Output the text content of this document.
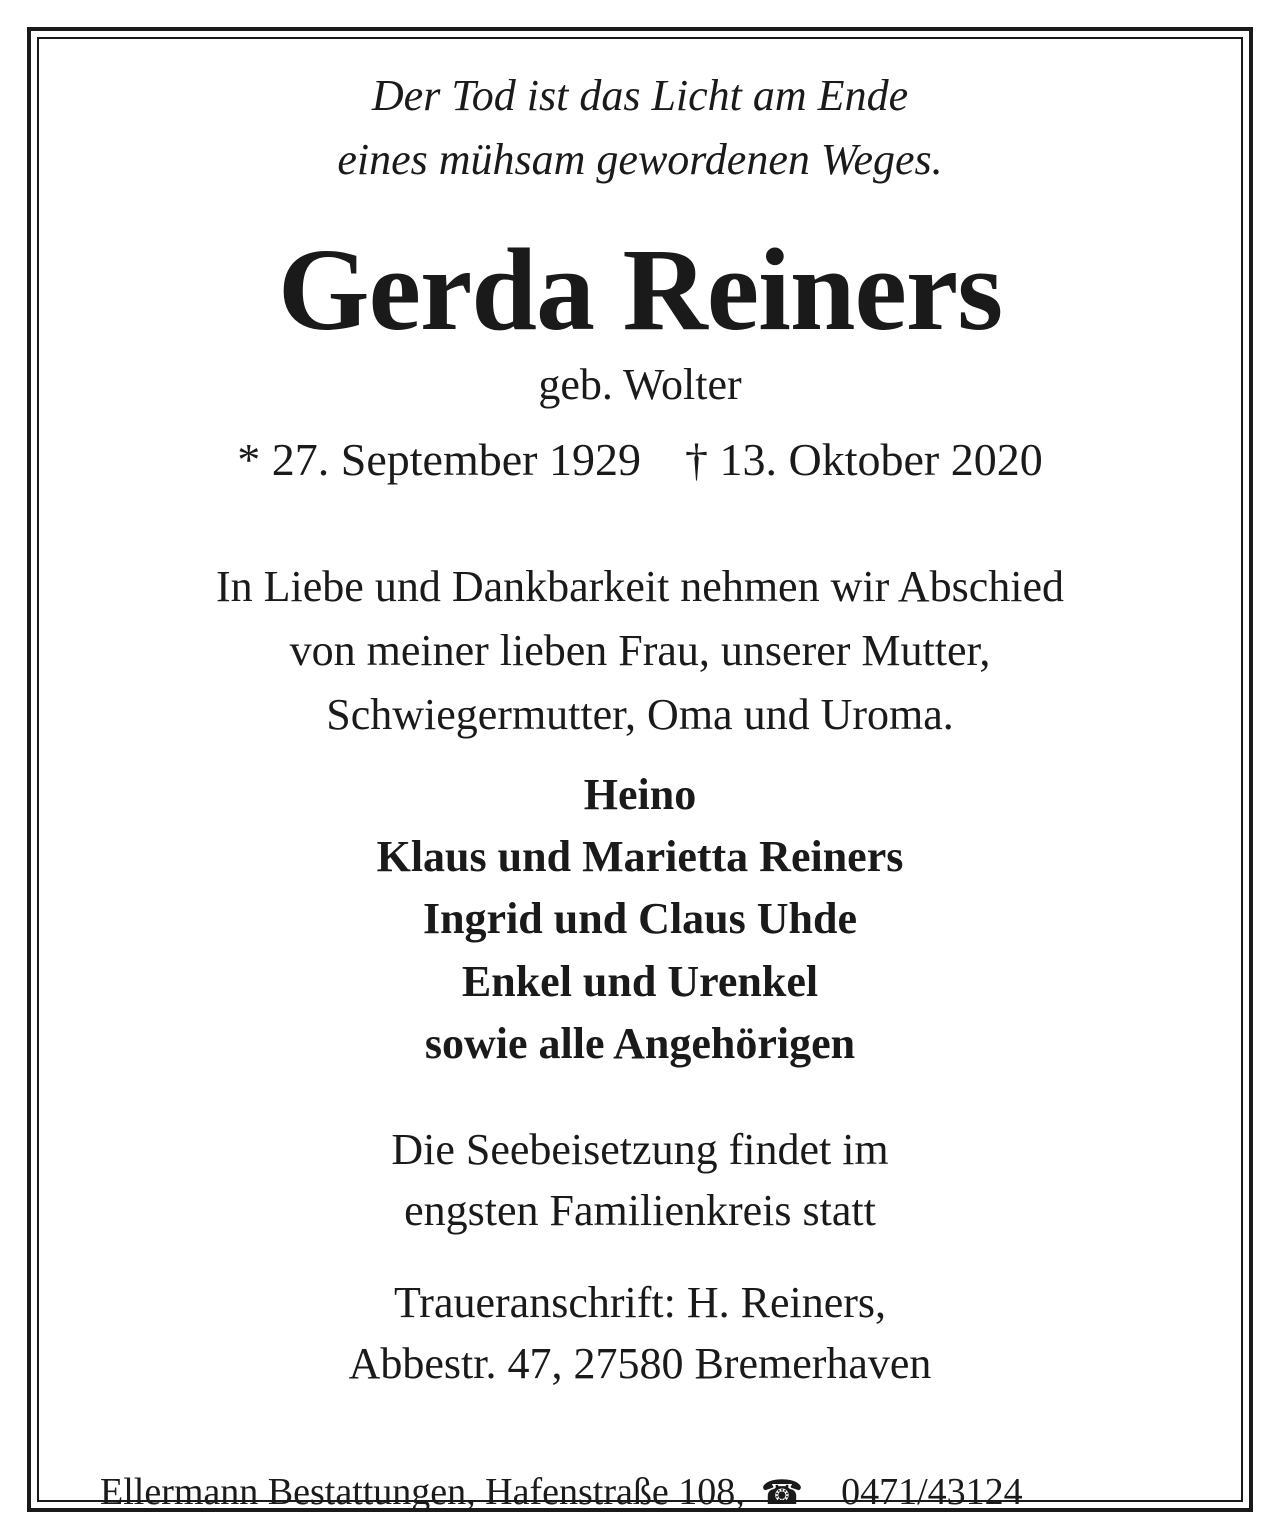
Der Tod ist das Licht am Ende

eines mühsam gewordenen Weges.

Gerda Reiners

geb. Wolter

* 27. September 1929 † 13. Oktober 2020

In Liebe und Dankbarkeit nehmen wir Abschied

von meiner lieben Frau, unserer Mutter,

Schwiegermutter, Oma und Uroma.

Heino

Klaus und Marietta Reiners

Ingrid und Claus Uhde

Enkel und Urenkel

sowie alle Angehörigen

Die Seebeisetzung findet im

engsten Familienkreis statt

Traueranschrift: H. Reiners,

Abbestr. 47, 27580 Bremerhaven

Ellermann Bestattungen, Hafenstraße 108, ☎ 0471/43124
